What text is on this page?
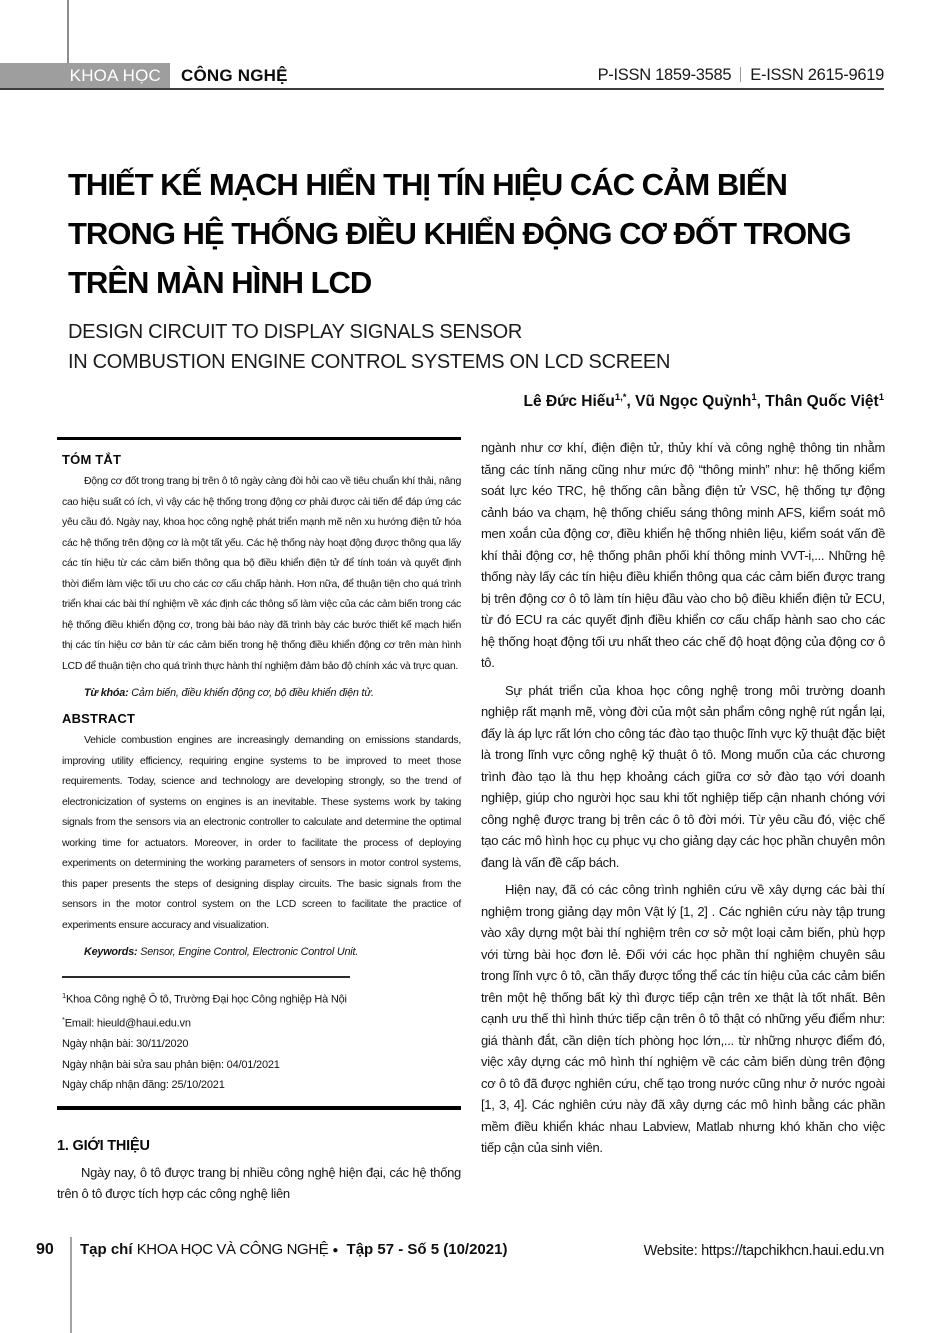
KHOA HỌC	CÔNG NGHỆ	P-ISSN 1859-3585 E-ISSN 2615-9619
THIẾT KẾ MẠCH HIỂN THỊ TÍN HIỆU CÁC CẢM BIẾN
TRONG HỆ THỐNG ĐIỀU KHIỂN ĐỘNG CƠ ĐỐT TRONG
TRÊN MÀN HÌNH LCD
DESIGN CIRCUIT TO DISPLAY SIGNALS SENSOR
IN COMBUSTION ENGINE CONTROL SYSTEMS ON LCD SCREEN
Lê Đức Hiếu$^{1,*}$, Vũ Ngọc Quỳnh$^1$, Thân Quốc Việt$^1$
TÓM TẮT

Động cơ đốt trong trang bị trên ô tô ngày càng đòi hỏi cao về tiêu chuẩn khí thải, nâng cao hiệu suất có ích, vì vậy các hệ thống trong động cơ phải được cải tiến để đáp ứng các yêu cầu đó. Ngày nay, khoa học công nghệ phát triển mạnh mẽ nên xu hướng điện tử hóa các hệ thống trên động cơ là một tất yếu. Các hệ thống này hoạt động được thông qua lấy các tín hiệu từ các cảm biến thông qua bộ điều khiển điện tử để tính toán và quyết định thời điểm làm việc tối ưu cho các cơ cấu chấp hành. Hơn nữa, để thuận tiện cho quá trình triển khai các bài thí nghiệm về xác định các thông số làm việc của các cảm biến trong các hệ thống điều khiển động cơ, trong bài báo này đã trình bày các bước thiết kế mạch hiển thị các tín hiệu cơ bản từ các cảm biến trong hệ thống điều khiển động cơ trên màn hình LCD để thuận tiện cho quá trình thực hành thí nghiệm đảm bảo độ chính xác và trực quan.

Từ khóa: Cảm biến, điều khiển động cơ, bộ điều khiển điện tử.
ABSTRACT

Vehicle combustion engines are increasingly demanding on emissions standards, improving utility efficiency, requiring engine systems to be improved to meet those requirements. Today, science and technology are developing strongly, so the trend of electronicization of systems on engines is an inevitable. These systems work by taking signals from the sensors via an electronic controller to calculate and determine the optimal working time for actuators. Moreover, in order to facilitate the process of deploying experiments on determining the working parameters of sensors in motor control systems, this paper presents the steps of designing display circuits. The basic signals from the sensors in the motor control system on the LCD screen to facilitate the practice of experiments ensure accuracy and visualization.

Keywords: Sensor, Engine Control, Electronic Control Unit.
$^1$Khoa Công nghệ Ô tô, Trường Đại học Công nghiệp Hà Nội
*Email: hieuld@haui.edu.vn
Ngày nhận bài: 30/11/2020
Ngày nhận bài sửa sau phản biện: 04/01/2021
Ngày chấp nhận đăng: 25/10/2021
1. GIỚI THIỆU

Ngày nay, ô tô được trang bị nhiều công nghệ hiện đại, các hệ thống trên ô tô được tích hợp các công nghệ liên

ngành như cơ khí, điện điện tử, thủy khí và công nghệ thông tin nhằm tăng các tính năng cũng như mức độ “thông minh” như: hệ thống kiểm soát lực kéo TRC, hệ thống cân bằng điện tử VSC, hệ thống tự động cảnh báo va chạm, hệ thống chiếu sáng thông minh AFS, kiểm soát mô men xoắn của động cơ, điều khiển hệ thống nhiên liệu, kiểm soát vấn đề khí thải động cơ, hệ thống phân phối khí thông minh VVT-i,... Những hệ thống này lấy các tín hiệu điều khiển thông qua các cảm biến được trang bị trên động cơ ô tô làm tín hiệu đầu vào cho bộ điều khiển điện tử ECU, từ đó ECU ra các quyết định điều khiển cơ cấu chấp hành sao cho các hệ thống hoạt động tối ưu nhất theo các chế độ hoạt động của động cơ ô tô.

Sự phát triển của khoa học công nghệ trong môi trường doanh nghiệp rất mạnh mẽ, vòng đời của một sản phẩm công nghệ rút ngắn lại, đấy là áp lực rất lớn cho công tác đào tạo thuộc lĩnh vực kỹ thuật đặc biệt là trong lĩnh vực công nghệ kỹ thuật ô tô. Mong muốn của các chương trình đào tạo là thu hẹp khoảng cách giữa cơ sở đào tạo với doanh nghiệp, giúp cho người học sau khi tốt nghiệp tiếp cận nhanh chóng với công nghệ được trang bị trên các ô tô đời mới. Từ yêu cầu đó, việc chế tạo các mô hình học cụ phục vụ cho giảng dạy các học phần chuyên môn đang là vấn đề cấp bách.

Hiện nay, đã có các công trình nghiên cứu về xây dựng các bài thí nghiệm trong giảng dạy môn Vật lý [1, 2] . Các nghiên cứu này tập trung vào xây dựng một bài thí nghiệm trên cơ sở một loại cảm biến, phù hợp với từng bài học đơn lẻ. Đối với các học phần thí nghiệm chuyên sâu trong lĩnh vực ô tô, cần thấy được tổng thể các tín hiệu của các cảm biến trên một hệ thống bất kỳ thì được tiếp cận trên xe thật là tốt nhất. Bên cạnh ưu thế thì hình thức tiếp cận trên ô tô thật có những yếu điểm như: giá thành đắt, cần diện tích phòng học lớn,... từ những nhược điểm đó, việc xây dựng các mô hình thí nghiệm về các cảm biến dùng trên động cơ ô tô đã được nghiên cứu, chế tạo trong nước cũng như ở nước ngoài [1, 3, 4]. Các nghiên cứu này đã xây dựng các mô hình bằng các phần mềm điều khiển khác nhau Labview, Matlab nhưng khó khăn cho việc tiếp cận của sinh viên.

90 Tạp chí KHOA HỌC VÀ CÔNG NGHỆ ● Tập 57 - Số 5 (10/2021)	Website: https://tapchikhcn.haui.edu.vn
